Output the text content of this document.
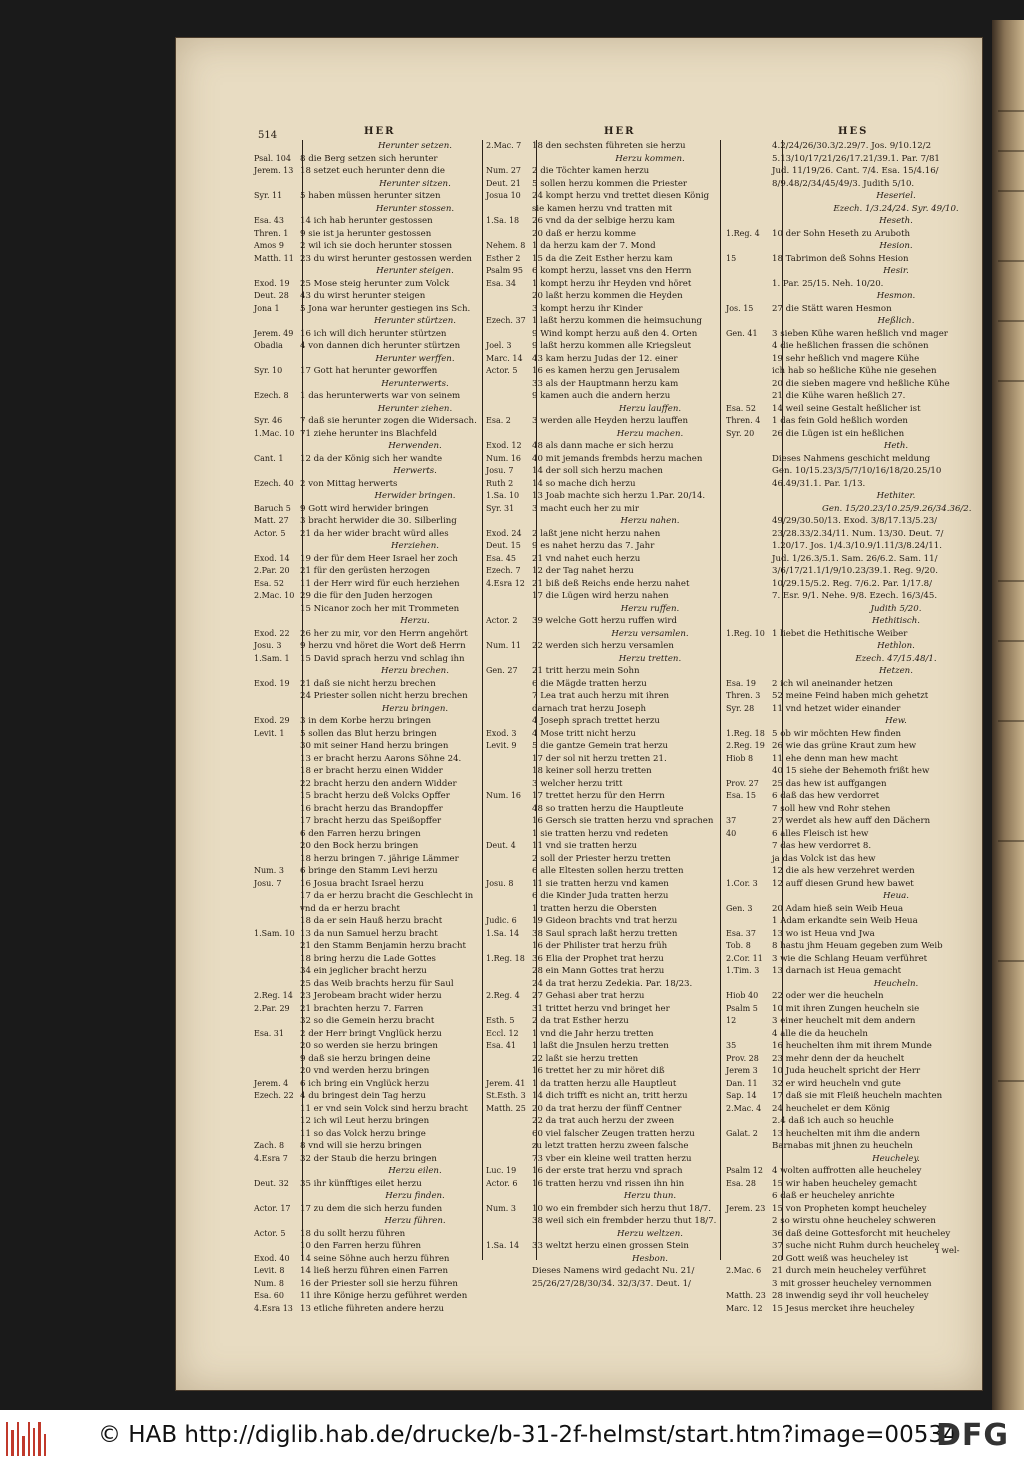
514	HER	HER	HES
Herunter setzen.
Psal. 104 8 die Berg setzen sich herunter
Jerem. 13 18 setzet euch herunter denn die
Herunter sitzen.
Syr. 11 5 haben müssen herunter sitzen
Herunter stossen.
Esa. 43 14 ich hab herunter gestossen
Thren. 1 9 sie ist ja herunter gestossen
Amos 9 2 wil ich sie doch herunter stossen
Matth. 11 23 du wirst herunter gestossen werden
Herunter steigen.
Exod. 19 25 Mose steig herunter zum Volck
Deut. 28 43 du wirst herunter steigen
Jona 1 5 Jona war herunter gestiegen ins Sch.
Herunter stürtzen.
Jerem. 49 16 ich will dich herunter stürtzen
Obadia 4 von dannen dich herunter stürtzen
Herunter werffen.
Syr. 10 17 Gott hat herunter geworffen
Herunterwerts.
Ezech. 8 1 das herunterwerts war von seinem
Herunter ziehen.
Syr. 46 7 daß sie herunter zogen die Widersach.
1.Mac. 10 71 ziehe herunter ins Blachfeld
Herwenden.
Cant. 1 12 da der König sich her wandte
Herwerts.
Ezech. 40 2 von Mittag herwerts
Herwider bringen.
Baruch 5 9 Gott wird herwider bringen
Matt. 27 3 bracht herwider die 30. Silberling
Actor. 5 21 da her wider bracht würd alles
Herziehen.
Exod. 14 19 der für dem Heer Israel her zoch
2.Par. 20 21 für den gerüsten herzogen
Esa. 52 11 der Herr wird für euch herziehen
2.Mac. 10 29 die für den Juden herzogen
15 Nicanor zoch her mit Trommeten
Herzu.
Exod. 22 26 her zu mir, vor den Herrn angehört
Josu. 3 9 herzu vnd höret die Wort deß Herrn
1.Sam. 1 15 David sprach herzu vnd schlag ihn
Herzu brechen.
Exod. 19 21 daß sie nicht herzu brechen
24 Priester sollen nicht herzu brechen
Herzu bringen.
Exod. 29 3 in dem Korbe herzu bringen
Levit. 1 5 sollen das Blut herzu bringen
30 mit seiner Hand herzu bringen
13 er bracht herzu Aarons Söhne 24.
18 er bracht herzu einen Widder
22 bracht herzu den andern Widder
15 bracht herzu deß Volcks Opffer
16 bracht herzu das Brandopffer
17 bracht herzu das Speißopffer
6 den Farren herzu bringen
20 den Bock herzu bringen
18 herzu bringen 7. jährige Lämmer
Num. 3 6 bringe den Stamm Levi herzu
Josu. 7 16 Josua bracht Israel herzu
17 da er herzu bracht die Geschlecht in
vnd da er herzu bracht
18 da er sein Hauß herzu bracht
1.Sam. 10 13 da nun Samuel herzu bracht
21 den Stamm Benjamin herzu bracht
18 bring herzu die Lade Gottes
34 ein jeglicher bracht herzu
25 das Weib brachts herzu für Saul
2.Reg. 14 23 Jerobeam bracht wider herzu
2.Par. 29 21 brachten herzu 7. Farren
32 so die Gemein herzu bracht
Esa. 31 2 der Herr bringt Vnglück herzu
20 so werden sie herzu bringen
9 daß sie herzu bringen deine
20 vnd werden herzu bringen
Jerem. 4 6 ich bring ein Vnglück herzu
Ezech. 22 4 du bringest dein Tag herzu
11 er vnd sein Volck sind herzu bracht
12 ich wil Leut herzu bringen
11 so das Volck herzu bringe
Zach. 8 8 vnd will sie herzu bringen
4.Esra 7 32 der Staub die herzu bringen
Herzu eilen.
Deut. 32 35 ihr künfftiges eilet herzu
Herzu finden.
Actor. 17 17 zu dem die sich herzu funden
Herzu führen.
Actor. 5 18 du sollt herzu führen
10 den Farren herzu führen
Exod. 40 14 seine Söhne auch herzu führen
Levit. 8 14 ließ herzu führen einen Farren
Num. 8 16 der Priester soll sie herzu führen
Esa. 60 11 ihre Könige herzu geführet werden
4.Esra 13 13 etliche führeten andere herzu
2.Mac. 7 18 den sechsten führeten sie herzu
Herzu kommen.
Num. 27 2 die Töchter kamen herzu
Deut. 21 5 sollen herzu kommen die Priester
Josua 10 24 kompt herzu vnd trettet diesen König
sie kamen herzu vnd tratten mit
1.Sa. 18 26 vnd da der selbige herzu kam
20 daß er herzu komme
Nehem. 8 1 da herzu kam der 7. Mond
Esther 2 15 da die Zeit Esther herzu kam
Psalm 95 6 kompt herzu, lasset vns den Herrn
Esa. 34 1 kompt herzu ihr Heyden vnd höret
20 laßt herzu kommen die Heyden
3 kompt herzu ihr Kinder
Ezech. 37 1 laßt herzu kommen die heimsuchung
9 Wind kompt herzu auß den 4. Orten
Joel. 3 9 laßt herzu kommen alle Kriegsleut
Marc. 14 43 kam herzu Judas der 12. einer
Actor. 5 16 es kamen herzu gen Jerusalem
33 als der Hauptmann herzu kam
9 kamen auch die andern herzu
Herzu lauffen.
Esa. 2 3 werden alle Heyden herzu lauffen
Herzu machen.
Exod. 12 48 als dann mache er sich herzu
Num. 16 40 mit jemands frembds herzu machen
Josu. 7 14 der soll sich herzu machen
Ruth 2 14 so mache dich herzu
1.Sa. 10 13 Joab machte sich herzu 1.Par. 20/14.
Syr. 31 3 macht euch her zu mir
Herzu nahen.
Exod. 24 2 laßt jene nicht herzu nahen
Deut. 15 9 es nahet herzu das 7. Jahr
Esa. 45 21 vnd nahet euch herzu
Ezech. 7 12 der Tag nahet herzu
4.Esra 12 21 biß deß Reichs ende herzu nahet
17 die Lügen wird herzu nahen
Herzu ruffen.
Actor. 2 39 welche Gott herzu ruffen wird
Herzu versamlen.
Num. 11 22 werden sich herzu versamlen
Herzu tretten.
Gen. 27 21 tritt herzu mein Sohn
6 die Mägde tratten herzu
7 Lea trat auch herzu mit ihren
darnach trat herzu Joseph
4 Joseph sprach trettet herzu
Exod. 3 4 Mose tritt nicht herzu
Levit. 9 5 die gantze Gemein trat herzu
17 der sol nit herzu tretten 21.
18 keiner soll herzu tretten
3 welcher herzu tritt
Num. 16 17 trettet herzu für den Herrn
48 so tratten herzu die Hauptleute
16 Gersch sie tratten herzu vnd sprachen
1 sie tratten herzu vnd redeten
Deut. 4 11 vnd sie tratten herzu
2 soll der Priester herzu tretten
6 alle Eltesten sollen herzu tretten
Josu. 8 11 sie tratten herzu vnd kamen
6 die Kinder Juda tratten herzu
1 tratten herzu die Obersten
Judic. 6 19 Gideon brachts vnd trat herzu
1.Sa. 14 38 Saul sprach laßt herzu tretten
16 der Philister trat herzu früh
1.Reg. 18 36 Elia der Prophet trat herzu
28 ein Mann Gottes trat herzu
24 da trat herzu Zedekia. Par. 18/23.
2.Reg. 4 27 Gehasi aber trat herzu
31 trittet herzu vnd bringet her
Esth. 5 2 da trat Esther herzu
Eccl. 12 1 vnd die Jahr herzu tretten
Esa. 41 1 laßt die Jnsulen herzu tretten
22 laßt sie herzu tretten
16 trettet her zu mir höret diß
Jerem. 41 1 da tratten herzu alle Hauptleut
St.Esth. 3 14 dich trifft es nicht an, tritt herzu
Matth. 25 20 da trat herzu der fünff Centner
22 da trat auch herzu der zween
60 viel falscher Zeugen tratten herzu
zu letzt tratten herzu zween falsche
73 vber ein kleine weil tratten herzu
Luc. 19 16 der erste trat herzu vnd sprach
Actor. 6 16 tratten herzu vnd rissen ihn hin
Herzu thun.
Num. 3 10 wo ein frembder sich herzu thut 18/7.
38 weil sich ein frembder herzu thut 18/7.
Herzu weltzen.
1.Sa. 14 33 weltzt herzu einen grossen Stein
Hesbon.
Dieses Namens wird gedacht Nu. 21/
25/26/27/28/30/34. 32/3/37. Deut. 1/
4.2/24/26/30.3/2.29/7. Jos. 9/10.12/2
5.13/10/17/21/26/17.21/39.1. Par. 7/81
Jud. 11/19/26. Cant. 7/4. Esa. 15/4.16/
8/9.48/2/34/45/49/3. Judith 5/10.
Heseriel.
Ezech. 1/3.24/24. Syr. 49/10.
Heseth.
1.Reg. 4 10 der Sohn Heseth zu Aruboth
Hesion.
15	18 Tabrimon deß Sohns Hesion
Hesir.
1. Par. 25/15. Neh. 10/20.
Hesmon.
Jos. 15 27 die Stätt waren Hesmon
Heßlich.
Gen. 41 3 sieben Kühe waren heßlich vnd mager
4 die heßlichen frassen die schönen
19 sehr heßlich vnd magere Kühe
ich hab so heßliche Kühe nie gesehen
20 die sieben magere vnd heßliche Kühe
21 die Kühe waren heßlich 27.
Esa. 52 14 weil seine Gestalt heßlicher ist
Thren. 4 1 das fein Gold heßlich worden
Syr. 20 26 die Lügen ist ein heßlichen
Heth.
Dieses Nahmens geschicht meldung
Gen. 10/15.23/3/5/7/10/16/18/20.25/10
46.49/31.1. Par. 1/13.
Hethiter.
Gen. 15/20.23/10.25/9.26/34.36/2.
49/29/30.50/13. Exod. 3/8/17.13/5.23/
23/28.33/2.34/11. Num. 13/30. Deut. 7/
1.20/17. Jos. 1/4.3/10.9/1.11/3/8.24/11.
Jud. 1/26.3/5.1. Sam. 26/6.2. Sam. 11/
3/6/17/21.1/1/9/10.23/39.1. Reg. 9/20.
10/29.15/5.2. Reg. 7/6.2. Par. 1/17.8/
7. Esr. 9/1. Nehe. 9/8. Ezech. 16/3/45.
Judith 5/20.
Hethitisch.
1.Reg. 10 1 liebet die Hethitische Weiber
Hethlon.
Ezech. 47/15.48/1.
Hetzen.
Esa. 19 2 ich wil aneinander hetzen
Thren. 3 52 meine Feind haben mich gehetzt
Syr. 28 11 vnd hetzet wider einander
Hew.
1.Reg. 18 5 ob wir möchten Hew finden
2.Reg. 19 26 wie das grüne Kraut zum hew
Hiob 8 11 ehe denn man hew macht
40 15 siehe der Behemoth frißt hew
Prov. 27 25 das hew ist auffgangen
Esa. 15 6 daß das hew verdorret
7 soll hew vnd Rohr stehen
37	27 werdet als hew auff den Dächern
40	6 alles Fleisch ist hew
7 das hew verdorret 8.
ja das Volck ist das hew
12 die als hew verzehret werden
1.Cor. 3 12 auff diesen Grund hew bawet
Heua.
Gen. 3 20 Adam hieß sein Weib Heua
1 Adam erkandte sein Weib Heua
Esa. 37 13 wo ist Heua vnd Jwa
Tob. 8 8 hastu jhm Heuam gegeben zum Weib
2.Cor. 11 3 wie die Schlang Heuam verführet
1.Tim. 3 13 darnach ist Heua gemacht
Heucheln.
Hiob 40 22 oder wer die heucheln
Psalm 5 10 mit ihren Zungen heucheln sie
12	3 einer heuchelt mit dem andern
4 alle die da heucheln
35	16 heuchelten ihm mit ihrem Munde
Prov. 28 23 mehr denn der da heuchelt
Jerem 3 10 Juda heuchelt spricht der Herr
Dan. 11 32 er wird heucheln vnd gute
Sap. 14 17 daß sie mit Fleiß heucheln machten
2.Mac. 4 24 heuchelet er dem König
2.4 daß ich auch so heuchle
Galat. 2 13 heuchelten mit ihm die andern
Barnabas mit jhnen zu heucheln
Heucheley.
Psalm 12 4 wolten auffrotten alle heucheley
Esa. 28 15 wir haben heucheley gemacht
6 daß er heucheley anrichte
Jerem. 23 15 von Propheten kompt heucheley
2 so wirstu ohne heucheley schweren
36 daß deine Gottesforcht mit heucheley
37 suche nicht Ruhm durch heucheley
20 Gott weiß was heucheley ist
2.Mac. 6 21 durch mein heucheley verführet
3 mit grosser heucheley vernommen
Matth. 23 28 inwendig seyd ihr voll heucheley
Marc. 12 15 Jesus mercket ihre heucheley
i wel-
© HAB http://diglib.hab.de/drucke/b-31-2f-helmst/start.htm?image=00534
DFG
